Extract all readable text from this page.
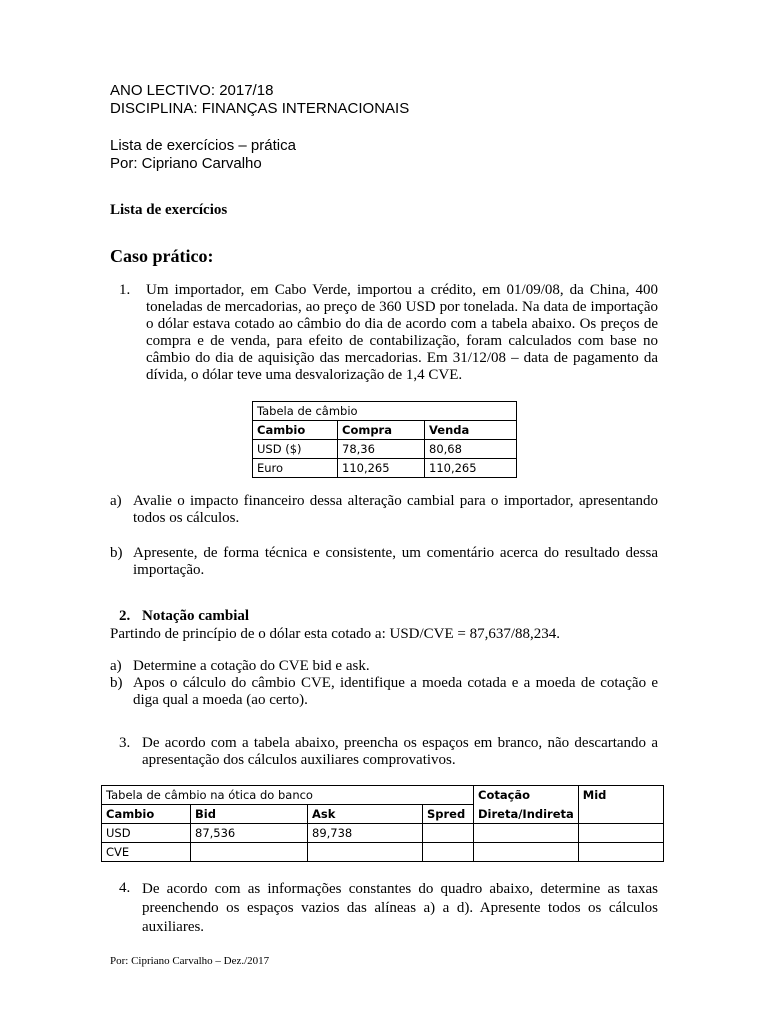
ANO LECTIVO: 2017/18
DISCIPLINA: FINANÇAS INTERNACIONAIS
Lista de exercícios – prática
Por: Cipriano Carvalho
Lista de exercícios
Caso prático:
1. Um importador, em Cabo Verde, importou a crédito, em 01/09/08, da China, 400 toneladas de mercadorias, ao preço de 360 USD por tonelada. Na data de importação o dólar estava cotado ao câmbio do dia de acordo com a tabela abaixo. Os preços de compra e de venda, para efeito de contabilização, foram calculados com base no câmbio do dia de aquisição das mercadorias. Em 31/12/08 – data de pagamento da dívida, o dólar teve uma desvalorização de 1,4 CVE.
Tabela de câmbio		
Cambio	Compra	Venda
USD ($)	78,36	80,68
Euro	110,265	110,265
a) Avalie o impacto financeiro dessa alteração cambial para o importador, apresentando todos os cálculos.
b) Apresente, de forma técnica e consistente, um comentário acerca do resultado dessa importação.
2. Notação cambial
Partindo de princípio de o dólar esta cotado a: USD/CVE = 87,637/88,234.
a) Determine a cotação do CVE bid e ask.
b) Apos o cálculo do câmbio CVE, identifique a moeda cotada e a moeda de cotação e diga qual a moeda (ao certo).
3. De acordo com a tabela abaixo, preencha os espaços em branco, não descartando a apresentação dos cálculos auxiliares comprovativos.
Tabela de câmbio na ótica do banco				Cotação	Mid
Cambio	Bid	Ask	Spred	Direta/Indireta	
USD	87,536	89,738			
CVE					
4. De acordo com as informações constantes do quadro abaixo, determine as taxas preenchendo os espaços vazios das alíneas a) a d). Apresente todos os cálculos auxiliares.
Por: Cipriano Carvalho – Dez./2017
